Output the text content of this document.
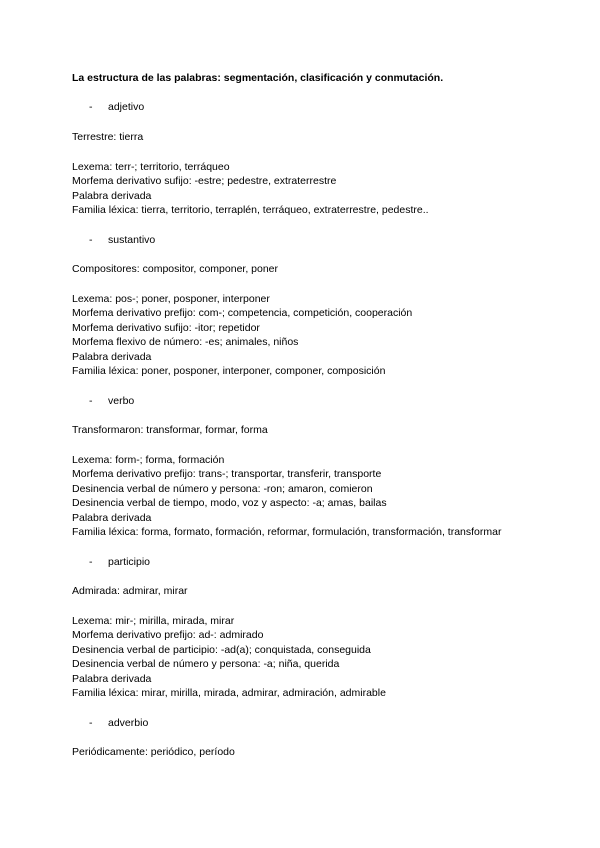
La estructura de las palabras: segmentación, clasificación y conmutación.
- adjetivo
Terrestre: tierra
Lexema: terr-; territorio, terráqueo
Morfema derivativo sufijo: -estre; pedestre, extraterrestre
Palabra derivada
Familia léxica: tierra, territorio, terraplén, terráqueo, extraterrestre, pedestre..
- sustantivo
Compositores: compositor, componer, poner
Lexema: pos-; poner, posponer, interponer
Morfema derivativo prefijo: com-; competencia, competición, cooperación
Morfema derivativo sufijo: -itor; repetidor
Morfema flexivo de número: -es; animales, niños
Palabra derivada
Familia léxica: poner, posponer, interponer, componer, composición
- verbo
Transformaron: transformar, formar, forma
Lexema: form-; forma, formación
Morfema derivativo prefijo: trans-; transportar, transferir, transporte
Desinencia verbal de número y persona: -ron; amaron, comieron
Desinencia verbal de tiempo, modo, voz y aspecto: -a; amas, bailas
Palabra derivada
Familia léxica: forma, formato, formación, reformar, formulación, transformación, transformar
- participio
Admirada: admirar, mirar
Lexema: mir-; mirilla, mirada, mirar
Morfema derivativo prefijo: ad-: admirado
Desinencia verbal de participio: -ad(a); conquistada, conseguida
Desinencia verbal de número y persona: -a; niña, querida
Palabra derivada
Familia léxica: mirar, mirilla, mirada, admirar, admiración, admirable
- adverbio
Periódicamente: periódico, período
